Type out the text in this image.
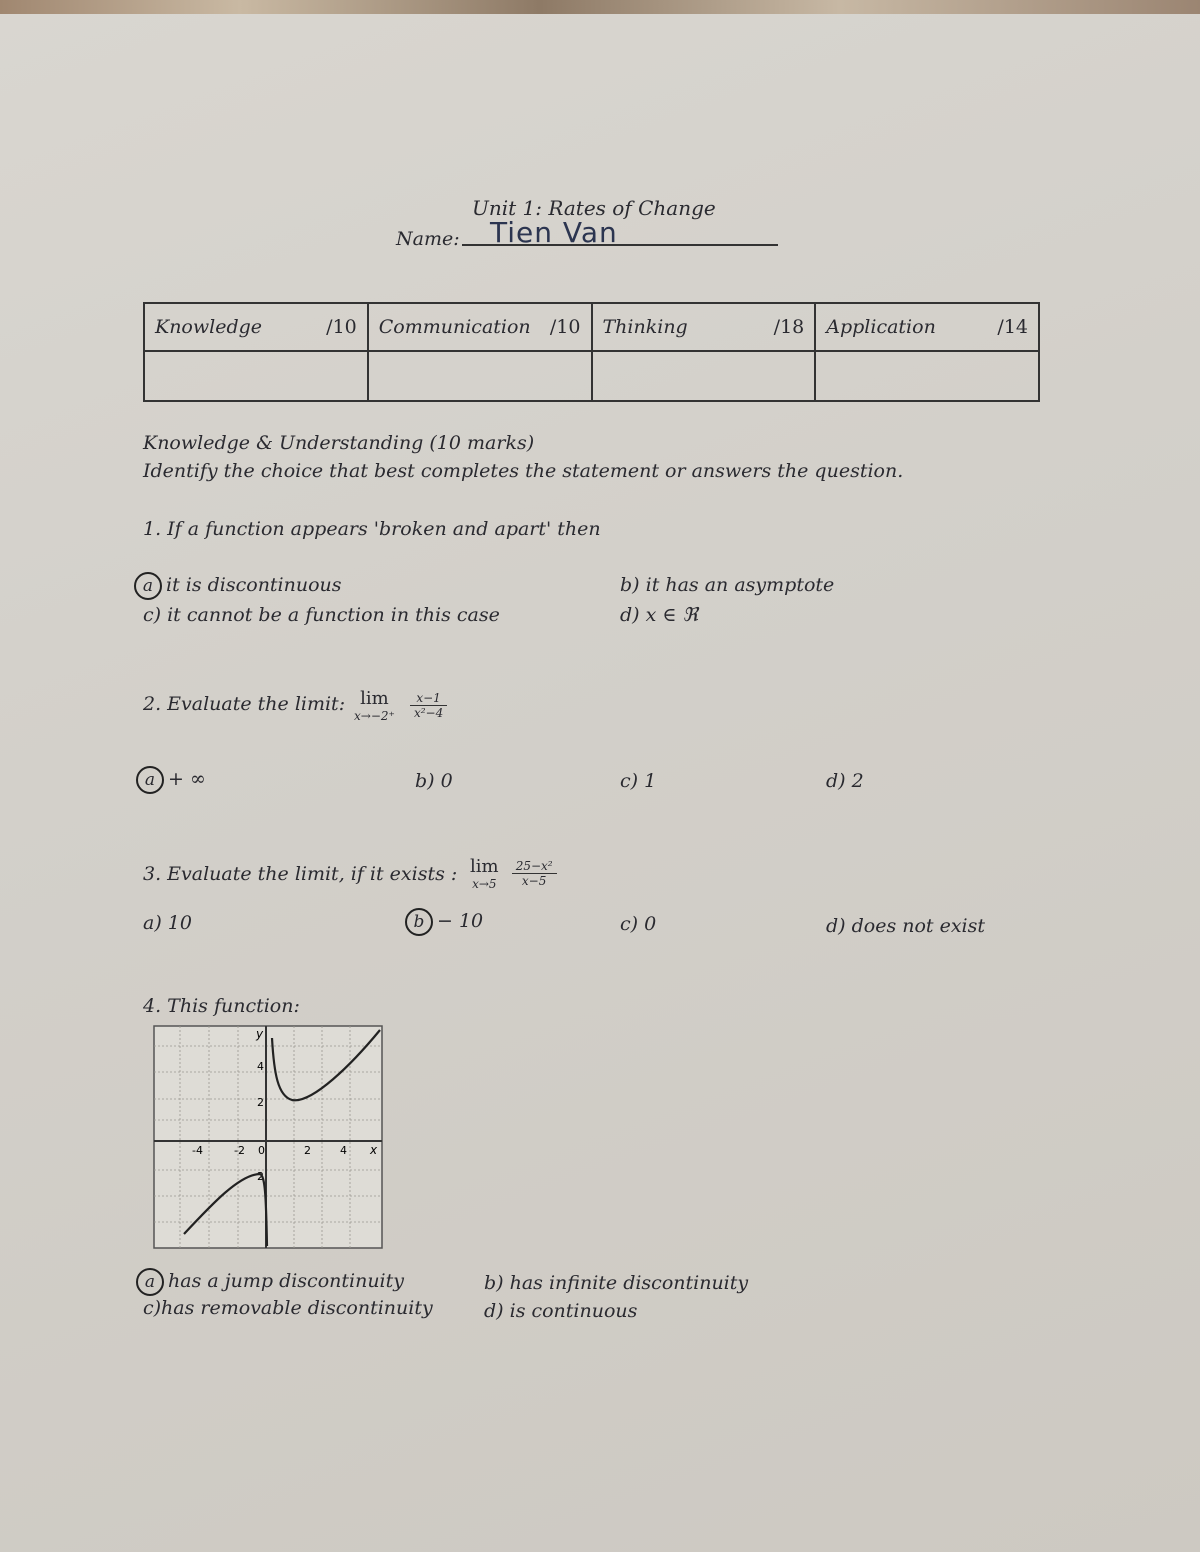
Unit 1: Rates of Change
Name: Tien Van
Knowledge /10	Communication /10	Thinking /18	Application /14

Knowledge & Understanding (10 marks)
Identify the choice that best completes the statement or answers the question.
1. If a function appears 'broken and apart' then
a it is discontinuous	b) it has an asymptote
c) it cannot be a function in this case	d) x ∈ ℜ
2. Evaluate the limit: lim
x→−2⁺
$\frac{x-1}{\text{x²−4}}$
a + ∞	b) 0	c) 1	d) 2
3. Evaluate the limit, if it exists : lim
x→5
$\frac{\text{25−x²}}{x-5}$
a) 10	b − 10	c) 0	d) does not exist
4. This function:
y
x
-4	-2 0	2	4
4
2
2
a has a jump discontinuity	b) has infinite discontinuity
c)has removable discontinuity	d) is continuous
